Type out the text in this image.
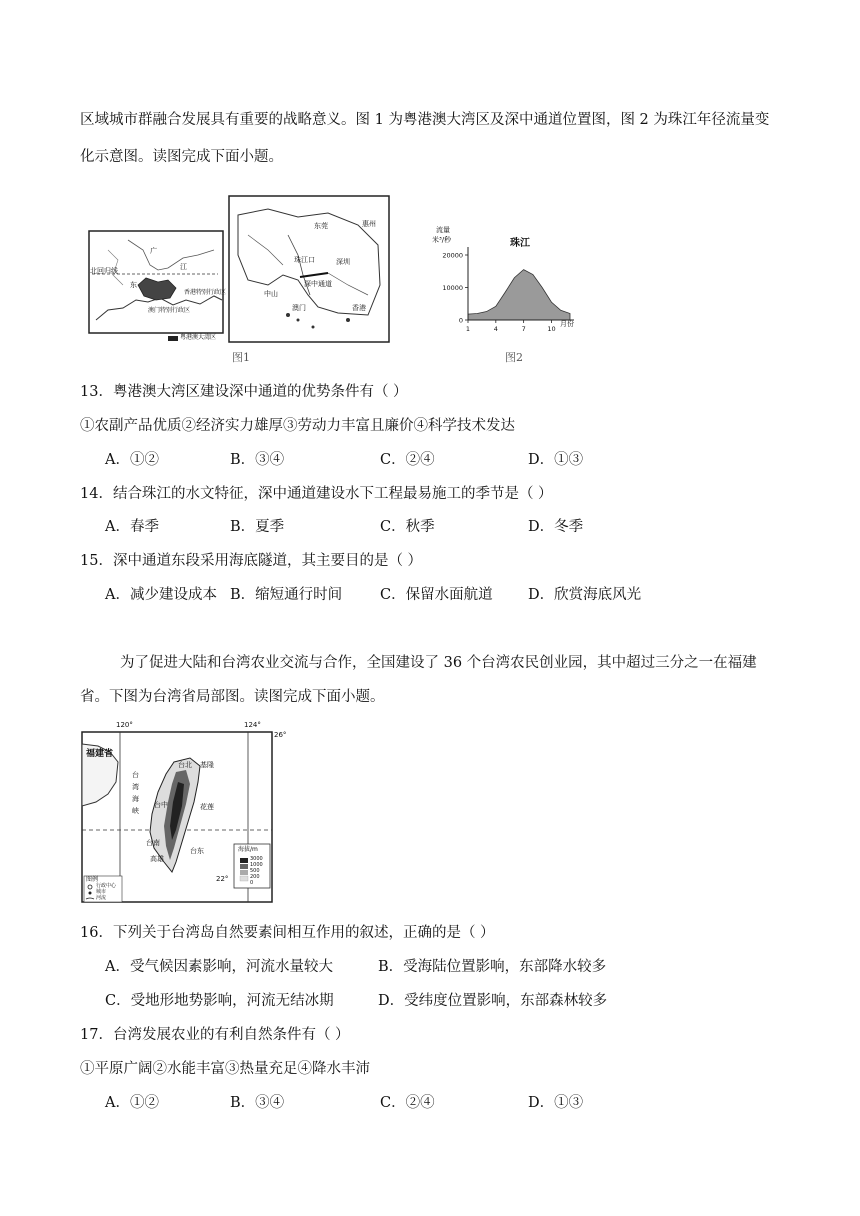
区域城市群融合发展具有重要的战略意义。图 1 为粤港澳大湾区及深中通道位置图，图 2 为珠江年径流量变
化示意图。读图完成下面小题。
北回归线	江
广
东
香港特别行政区
澳门特别行政区
粤港澳大湾区
东莞	惠州
中山
深圳
珠江口
深中通道
香港
澳门
图1
0
10000
20000
1	4	7	10
流量
米³/秒	珠江
月份
图2
13．粤港澳大湾区建设深中通道的优势条件有（ ）
①农副产品优质②经济实力雄厚③劳动力丰富且廉价④科学技术发达
A．①②	B．③④	C．②④	D．①③
14．结合珠江的水文特征，深中通道建设水下工程最易施工的季节是（ ）
A．春季	B．夏季	C．秋季	D．冬季
15．深中通道东段采用海底隧道，其主要目的是（ ）
A．减少建设成本 B．缩短通行时间	C．保留水面航道 D．欣赏海底风光
为了促进大陆和台湾农业交流与合作，全国建设了 36 个台湾农民创业园，其中超过三分之一在福建
省。下图为台湾省局部图。读图完成下面小题。
120°	124°
26°
22°
福建省
台
湾
海
峡
台北 基隆
花莲
台中
台南
台东
高雄
图例
行政中心
城市
河流
海拔/m
3000
1000
500
200
0
16．下列关于台湾岛自然要素间相互作用的叙述，正确的是（ ）
A．受气候因素影响，河流水量较大	B．受海陆位置影响，东部降水较多
C．受地形地势影响，河流无结冰期	D．受纬度位置影响，东部森林较多
17．台湾发展农业的有利自然条件有（ ）
①平原广阔②水能丰富③热量充足④降水丰沛
A．①②	B．③④	C．②④	D．①③
